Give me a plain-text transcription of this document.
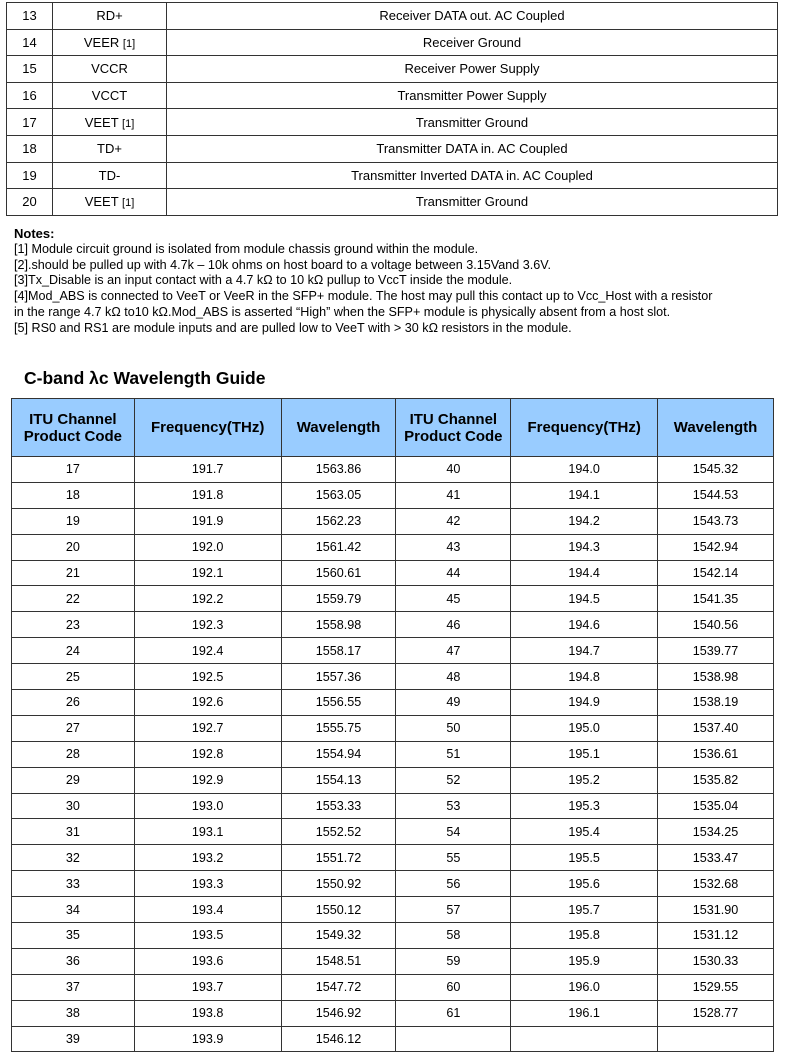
13	RD+	Receiver DATA out. AC Coupled
14	VEER [1]	Receiver Ground
15	VCCR	Receiver Power Supply
16	VCCT	Transmitter Power Supply
17	VEET [1]	Transmitter Ground
18	TD+	Transmitter DATA in. AC Coupled
19	TD-	Transmitter Inverted DATA in. AC Coupled
20	VEET [1]	Transmitter Ground
Notes:

[1] Module circuit ground is isolated from module chassis ground within the module.

[2].should be pulled up with 4.7k – 10k ohms on host board to a voltage between 3.15Vand 3.6V.

[3]Tx_Disable is an input contact with a 4.7 kΩ to 10 kΩ pullup to VccT inside the module.

[4]Mod_ABS is connected to VeeT or VeeR in the SFP+ module. The host may pull this contact up to Vcc_Host with a resistor

in the range 4.7 kΩ to10 kΩ.Mod_ABS is asserted “High” when the SFP+ module is physically absent from a host slot.

[5] RS0 and RS1 are module inputs and are pulled low to VeeT with > 30 kΩ resistors in the module.

C-band λc Wavelength Guide
ITU Channel Product Code	Frequency(THz)	Wavelength	ITU Channel Product Code	Frequency(THz)	Wavelength
17	191.7	1563.86	40	194.0	1545.32
18	191.8	1563.05	41	194.1	1544.53
19	191.9	1562.23	42	194.2	1543.73
20	192.0	1561.42	43	194.3	1542.94
21	192.1	1560.61	44	194.4	1542.14
22	192.2	1559.79	45	194.5	1541.35
23	192.3	1558.98	46	194.6	1540.56
24	192.4	1558.17	47	194.7	1539.77
25	192.5	1557.36	48	194.8	1538.98
26	192.6	1556.55	49	194.9	1538.19
27	192.7	1555.75	50	195.0	1537.40
28	192.8	1554.94	51	195.1	1536.61
29	192.9	1554.13	52	195.2	1535.82
30	193.0	1553.33	53	195.3	1535.04
31	193.1	1552.52	54	195.4	1534.25
32	193.2	1551.72	55	195.5	1533.47
33	193.3	1550.92	56	195.6	1532.68
34	193.4	1550.12	57	195.7	1531.90
35	193.5	1549.32	58	195.8	1531.12
36	193.6	1548.51	59	195.9	1530.33
37	193.7	1547.72	60	196.0	1529.55
38	193.8	1546.92	61	196.1	1528.77
39	193.9	1546.12			
